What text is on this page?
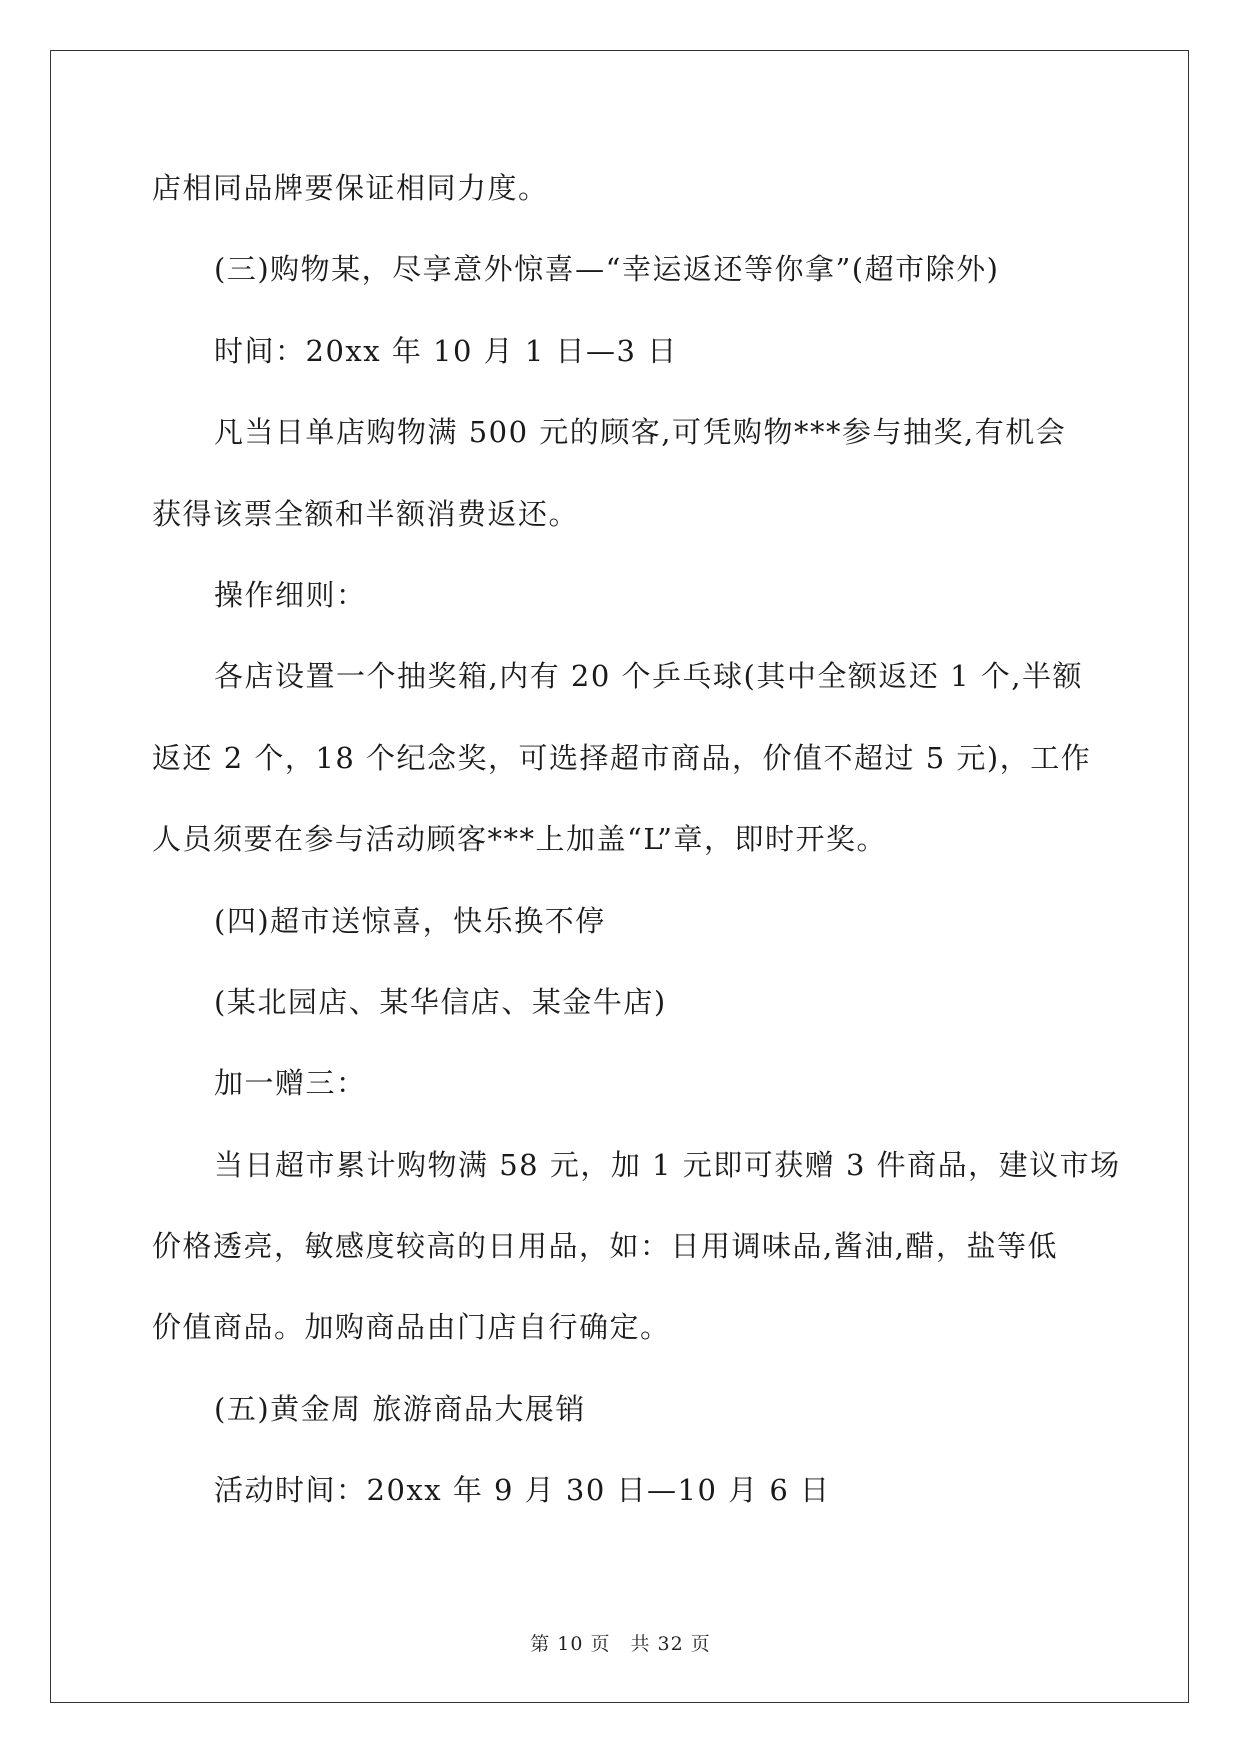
店相同品牌要保证相同力度。
(三)购物某，尽享意外惊喜—“幸运返还等你拿”(超市除外)
时间：20xx 年 10 月 1 日—3 日
凡当日单店购物满 500 元的顾客,可凭购物***参与抽奖,有机会
获得该票全额和半额消费返还。
操作细则：
各店设置一个抽奖箱,内有 20 个乒乓球(其中全额返还 1 个,半额
返还 2 个，18 个纪念奖，可选择超市商品，价值不超过 5 元)，工作
人员须要在参与活动顾客***上加盖“L”章，即时开奖。
(四)超市送惊喜，快乐换不停
(某北园店、某华信店、某金牛店)
加一赠三：
当日超市累计购物满 58 元，加 1 元即可获赠 3 件商品，建议市场
价格透亮，敏感度较高的日用品，如：日用调味品,酱油,醋，盐等低
价值商品。加购商品由门店自行确定。
(五)黄金周 旅游商品大展销
活动时间：20xx 年 9 月 30 日—10 月 6 日
第 10 页　共 32 页
